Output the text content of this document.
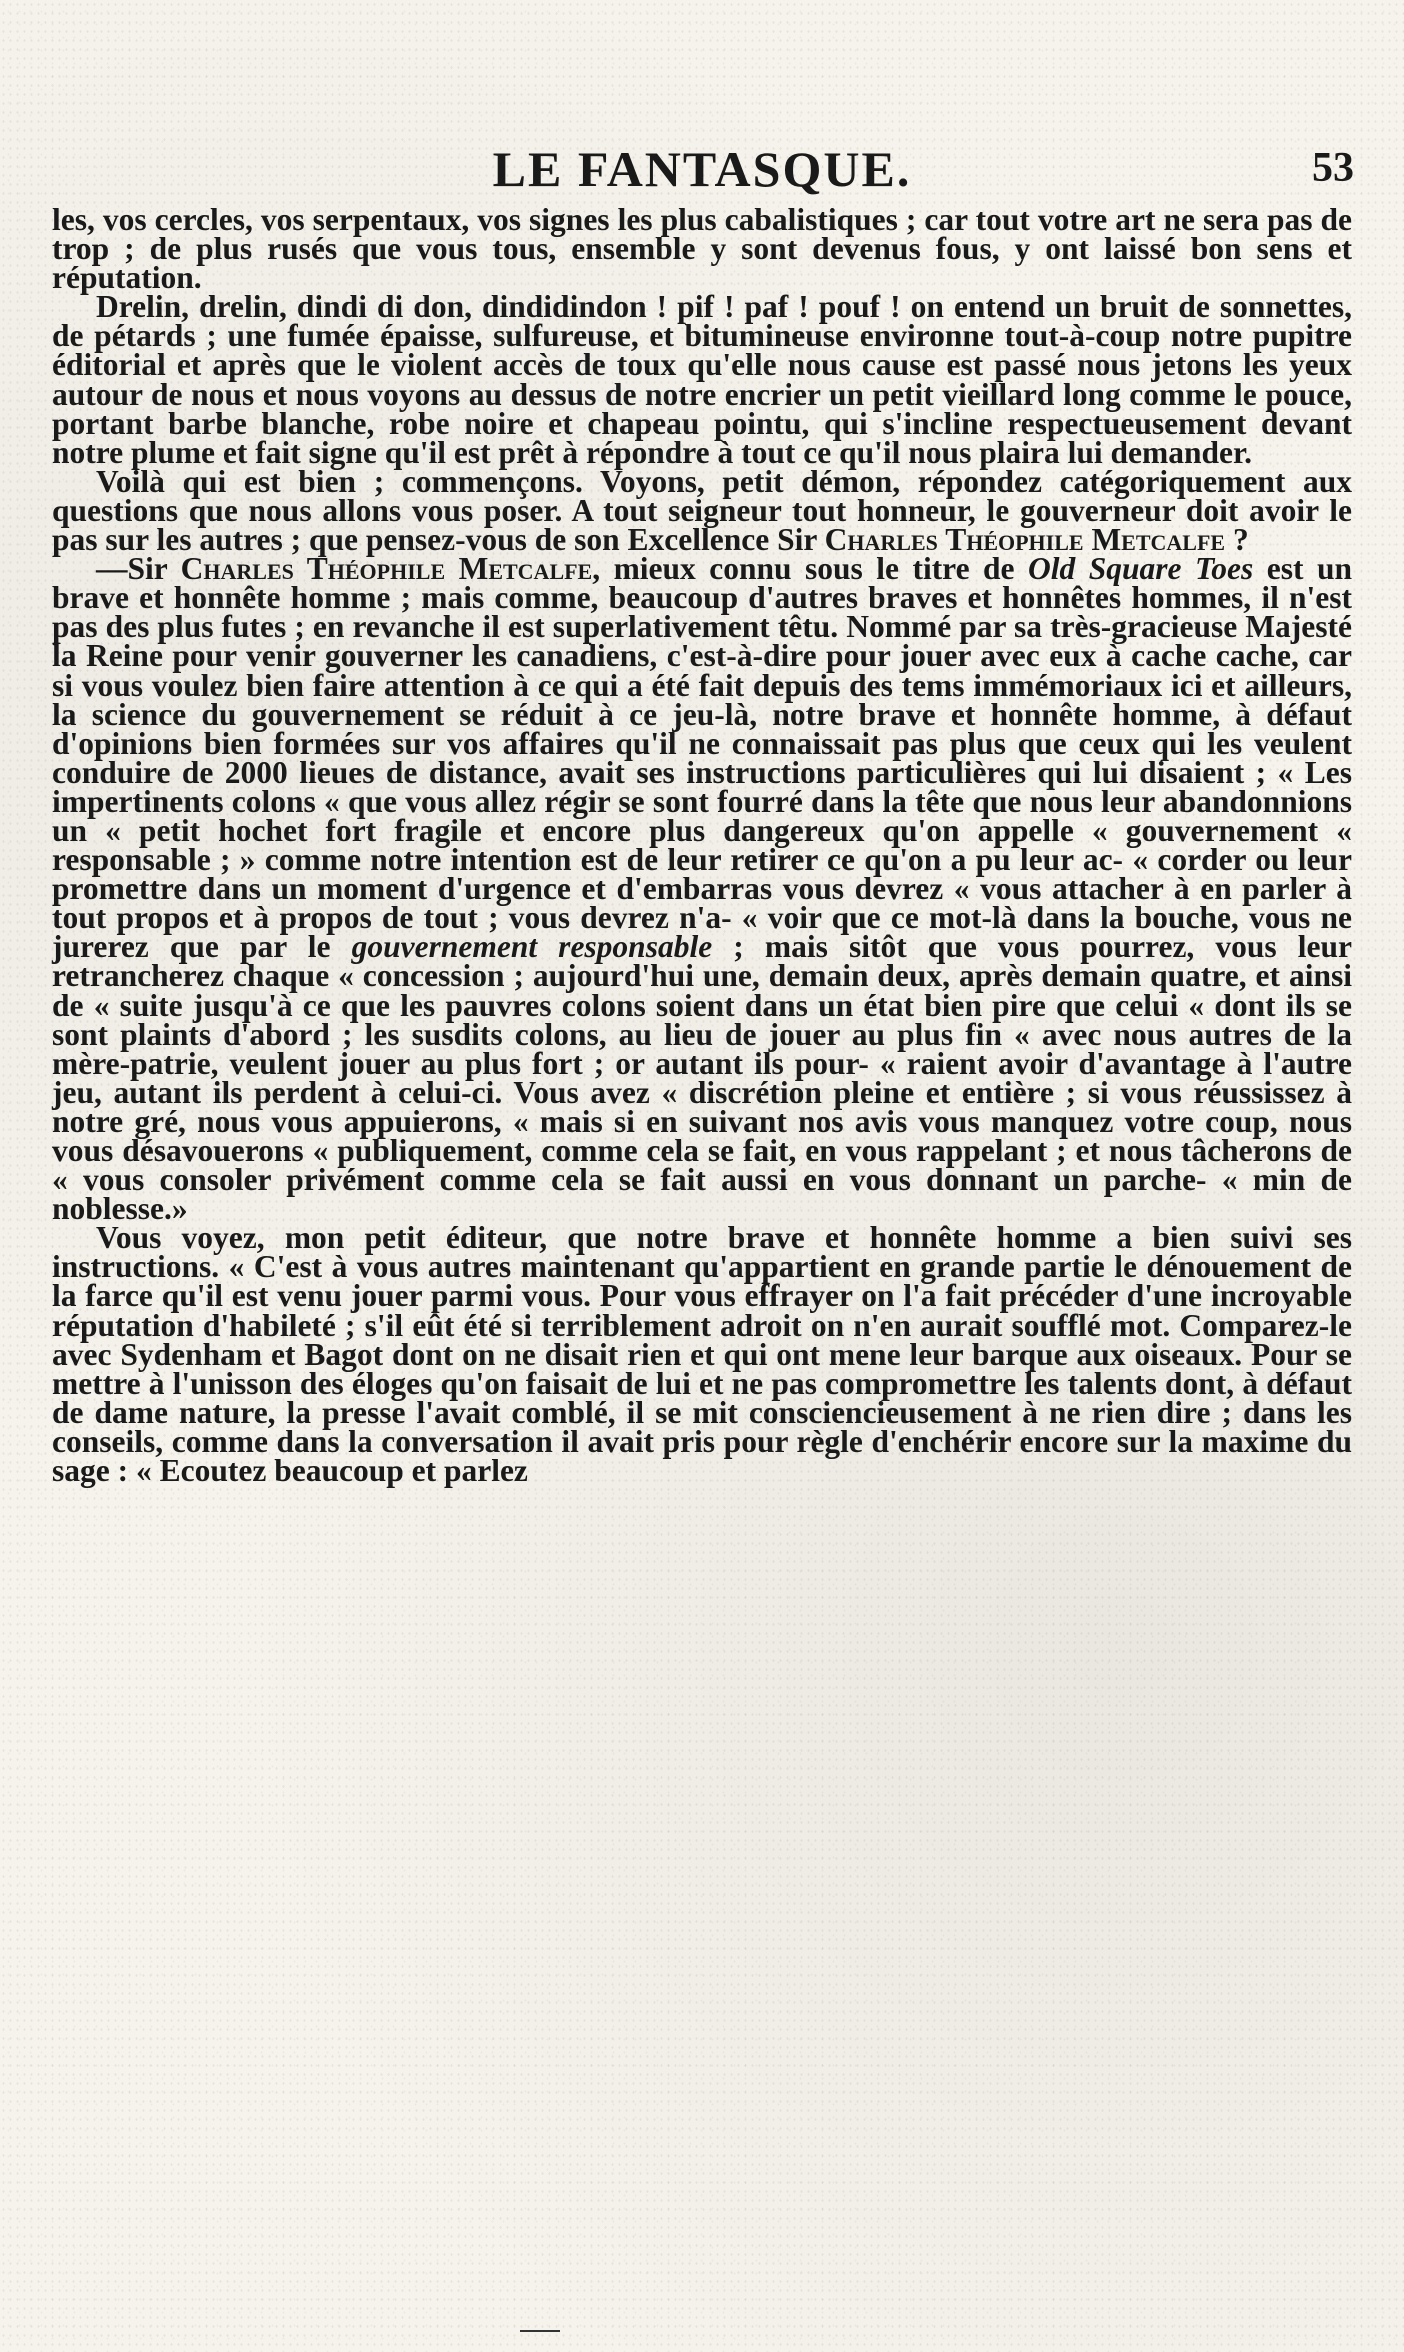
LE FANTASQUE.	53

les, vos cercles, vos serpentaux, vos signes les plus cabalistiques ; car tout votre art ne sera pas de trop ; de plus rusés que vous tous, ensemble y sont devenus fous, y ont laissé bon sens et réputation.

Drelin, drelin, dindi di don, dindidindon ! pif ! paf ! pouf ! on entend un bruit de sonnettes, de pétards ; une fumée épaisse, sulfureuse, et bitumineuse environne tout-à-coup notre pupitre éditorial et après que le violent accès de toux qu'elle nous cause est passé nous jetons les yeux autour de nous et nous voyons au dessus de notre encrier un petit vieillard long comme le pouce, portant barbe blanche, robe noire et chapeau pointu, qui s'incline respectueusement devant notre plume et fait signe qu'il est prêt à répondre à tout ce qu'il nous plaira lui demander.

Voilà qui est bien ; commençons. Voyons, petit démon, répondez catégoriquement aux questions que nous allons vous poser. A tout seigneur tout honneur, le gouverneur doit avoir le pas sur les autres ; que pensez-vous de son Excellence Sir Charles Théophile Metcalfe ?

—Sir Charles Théophile Metcalfe, mieux connu sous le titre de Old Square Toes est un brave et honnête homme ; mais comme, beaucoup d'autres braves et honnêtes hommes, il n'est pas des plus futes ; en revanche il est superlativement têtu. Nommé par sa très-gracieuse Majesté la Reine pour venir gouverner les canadiens, c'est-à-dire pour jouer avec eux à cache cache, car si vous voulez bien faire attention à ce qui a été fait depuis des tems immémoriaux ici et ailleurs, la science du gouvernement se réduit à ce jeu-là, notre brave et honnête homme, à défaut d'opinions bien formées sur vos affaires qu'il ne connaissait pas plus que ceux qui les veulent conduire de 2000 lieues de distance, avait ses instructions particulières qui lui disaient ; « Les impertinents colons « que vous allez régir se sont fourré dans la tête que nous leur abandonnions un « petit hochet fort fragile et encore plus dangereux qu'on appelle « gouvernement « responsable ; » comme notre intention est de leur retirer ce qu'on a pu leur ac- « corder ou leur promettre dans un moment d'urgence et d'embarras vous devrez « vous attacher à en parler à tout propos et à propos de tout ; vous devrez n'a- « voir que ce mot-là dans la bouche, vous ne jurerez que par le gouvernement responsable ; mais sitôt que vous pourrez, vous leur retrancherez chaque « concession ; aujourd'hui une, demain deux, après demain quatre, et ainsi de « suite jusqu'à ce que les pauvres colons soient dans un état bien pire que celui « dont ils se sont plaints d'abord ; les susdits colons, au lieu de jouer au plus fin « avec nous autres de la mère-patrie, veulent jouer au plus fort ; or autant ils pour- « raient avoir d'avantage à l'autre jeu, autant ils perdent à celui-ci. Vous avez « discrétion pleine et entière ; si vous réussissez à notre gré, nous vous appuierons, « mais si en suivant nos avis vous manquez votre coup, nous vous désavouerons « publiquement, comme cela se fait, en vous rappelant ; et nous tâcherons de « vous consoler privément comme cela se fait aussi en vous donnant un parche- « min de noblesse.»

Vous voyez, mon petit éditeur, que notre brave et honnête homme a bien suivi ses instructions. « C'est à vous autres maintenant qu'appartient en grande partie le dénouement de la farce qu'il est venu jouer parmi vous. Pour vous effrayer on l'a fait précéder d'une incroyable réputation d'habileté ; s'il eût été si terriblement adroit on n'en aurait soufflé mot. Comparez-le avec Sydenham et Bagot dont on ne disait rien et qui ont mene leur barque aux oiseaux. Pour se mettre à l'unisson des éloges qu'on faisait de lui et ne pas compromettre les talents dont, à défaut de dame nature, la presse l'avait comblé, il se mit consciencieusement à ne rien dire ; dans les conseils, comme dans la conversation il avait pris pour règle d'enchérir encore sur la maxime du sage : « Ecoutez beaucoup et parlez
